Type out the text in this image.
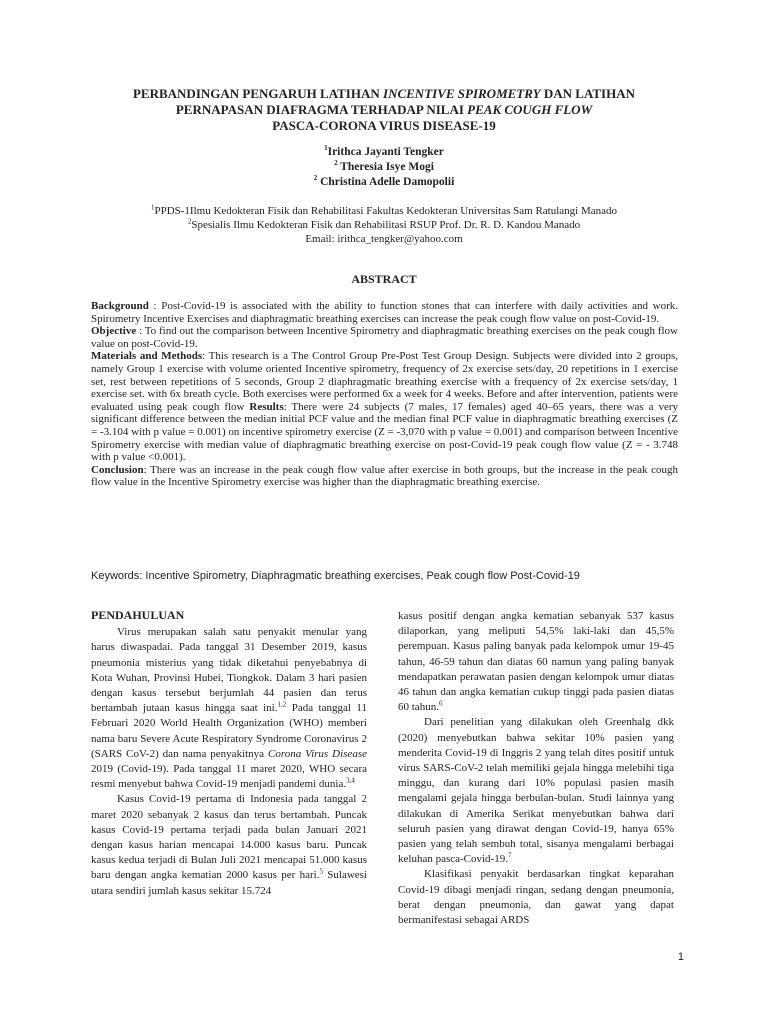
PERBANDINGAN PENGARUH LATIHAN INCENTIVE SPIROMETRY DAN LATIHAN
PERNAPASAN DIAFRAGMA TERHADAP NILAI PEAK COUGH FLOW
PASCA-CORONA VIRUS DISEASE-19
$^1$Irithca Jayanti Tengker
$^2$ Theresia Isye Mogi
$^2$ Christina Adelle Damopolii
$^1$PPDS-1Ilmu Kedokteran Fisik dan Rehabilitasi Fakultas Kedokteran Universitas Sam Ratulangi Manado
$^2$Spesialis Ilmu Kedokteran Fisik dan Rehabilitasi RSUP Prof. Dr. R. D. Kandou Manado
Email: irithca_tengker@yahoo.com
ABSTRACT

Background : Post-Covid-19 is associated with the ability to function stones that can interfere with daily activities and work. Spirometry Incentive Exercises and diaphragmatic breathing exercises can increase the peak cough flow value on post-Covid-19.

Objective : To find out the comparison between Incentive Spirometry and diaphragmatic breathing exercises on the peak cough flow value on post-Covid-19.

Materials and Methods: This research is a The Control Group Pre-Post Test Group Design. Subjects were divided into 2 groups, namely Group 1 exercise with volume oriented Incentive spirometry, frequency of 2x exercise sets/day, 20 repetitions in 1 exercise set, rest between repetitions of 5 seconds, Group 2 diaphragmatic breathing exercise with a frequency of 2x exercise sets/day, 1 exercise set. with 6x breath cycle. Both exercises were performed 6x a week for 4 weeks. Before and after intervention, patients were evaluated using peak cough flow Results: There were 24 subjects (7 males, 17 females) aged 40–65 years, there was a very significant difference between the median initial PCF value and the median final PCF value in diaphragmatic breathing exercises (Z = -3.104 with p value = 0.001) on incentive spirometry exercise (Z = -3,070 with p value = 0.001) and comparison between Incentive Spirometry exercise with median value of diaphragmatic breathing exercise on post-Covid-19 peak cough flow value (Z = - 3.748 with p value <0.001).

Conclusion: There was an increase in the peak cough flow value after exercise in both groups, but the increase in the peak cough flow value in the Incentive Spirometry exercise was higher than the diaphragmatic breathing exercise.

Keywords: Incentive Spirometry, Diaphragmatic breathing exercises, Peak cough flow Post-Covid-19
PENDAHULUAN

Virus merupakan salah satu penyakit menular yang harus diwaspadai. Pada tanggal 31 Desember 2019, kasus pneumonia misterius yang tidak diketahui penyebabnya di Kota Wuhan, Provinsi Hubei, Tiongkok. Dalam 3 hari pasien dengan kasus tersebut berjumlah 44 pasien dan terus bertambah jutaan kasus hingga saat ini.$^{1,2}$ Pada tanggal 11 Februari 2020 World Health Organization (WHO) memberi nama baru Severe Acute Respiratory Syndrome Coronavirus 2 (SARS CoV-2) dan nama penyakitnya Corona Virus Disease 2019 (Covid-19). Pada tanggal 11 maret 2020, WHO secara resmi menyebut bahwa Covid-19 menjadi pandemi dunia.$^{3,4}$

Kasus Covid-19 pertama di Indonesia pada tanggal 2 maret 2020 sebanyak 2 kasus dan terus bertambah. Puncak kasus Covid-19 pertama terjadi pada bulan Januari 2021 dengan kasus harian mencapai 14.000 kasus baru. Puncak kasus kedua terjadi di Bulan Juli 2021 mencapai 51.000 kasus baru dengan angka kematian 2000 kasus per hari.$^5$ Sulawesi utara sendiri jumlah kasus sekitar 15.724

kasus positif dengan angka kematian sebanyak 537 kasus dilaporkan, yang meliputi 54,5% laki-laki dan 45,5% perempuan. Kasus paling banyak pada kelompok umur 19-45 tahun, 46-59 tahun dan diatas 60 namun yang paling banyak mendapatkan perawatan pasien dengan kelompok umur diatas 46 tahun dan angka kematian cukup tinggi pada pasien diatas 60 tahun.$^6$

Dari penelitian yang dilakukan oleh Greenhalg dkk (2020) menyebutkan bahwa sekitar 10% pasien yang menderita Covid-19 di Inggris 2 yang telah dites positif untuk virus SARS-CoV-2 telah memiliki gejala hingga melebihi tiga minggu, dan kurang dari 10% populasi pasien masih mengalami gejala hingga berbulan-bulan. Studi lainnya yang dilakukan di Amerika Serikat menyebutkan bahwa dari seluruh pasien yang dirawat dengan Covid-19, hanya 65% pasien yang telah sembuh total, sisanya mengalami berbagai keluhan pasca-Covid-19.$^7$

Klasifikasi penyakit berdasarkan tingkat keparahan Covid-19 dibagi menjadi ringan, sedang dengan pneumonia, berat dengan pneumonia, dan gawat yang dapat bermanifestasi sebagai ARDS

1
